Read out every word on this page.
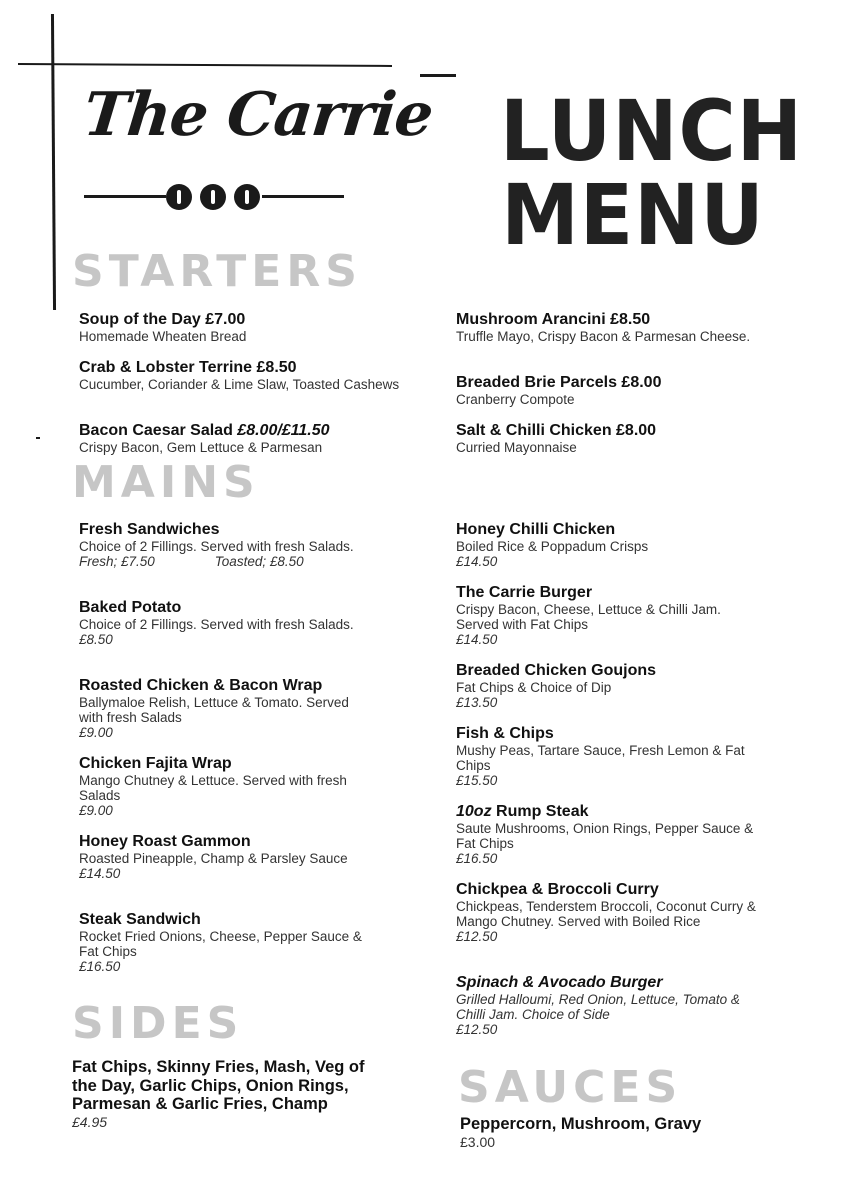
The Carrie LUNCH
MENU
STARTERS
Soup of the Day £7.00
Homemade Wheaten Bread
Crab & Lobster Terrine £8.50
Cucumber, Coriander & Lime Slaw, Toasted Cashews
Bacon Caesar Salad £8.00/£11.50
Crispy Bacon, Gem Lettuce & Parmesan
Mushroom Arancini £8.50
Truffle Mayo, Crispy Bacon & Parmesan Cheese.
Breaded Brie Parcels £8.00
Cranberry Compote
Salt & Chilli Chicken £8.00
Curried Mayonnaise
MAINS
Fresh Sandwiches
Choice of 2 Fillings. Served with fresh Salads.
Fresh; £7.50	Toasted; £8.50
Baked Potato
Choice of 2 Fillings. Served with fresh Salads.
£8.50
Roasted Chicken & Bacon Wrap
Ballymaloe Relish, Lettuce & Tomato. Served with fresh Salads
£9.00
Chicken Fajita Wrap
Mango Chutney & Lettuce. Served with fresh Salads
£9.00
Honey Roast Gammon
Roasted Pineapple, Champ & Parsley Sauce
£14.50
Steak Sandwich
Rocket Fried Onions, Cheese, Pepper Sauce & Fat Chips
£16.50
Honey Chilli Chicken
Boiled Rice & Poppadum Crisps
£14.50
The Carrie Burger
Crispy Bacon, Cheese, Lettuce & Chilli Jam. Served with Fat Chips
£14.50
Breaded Chicken Goujons
Fat Chips & Choice of Dip
£13.50
Fish & Chips
Mushy Peas, Tartare Sauce, Fresh Lemon & Fat Chips
£15.50
10oz Rump Steak
Saute Mushrooms, Onion Rings, Pepper Sauce & Fat Chips
£16.50
Chickpea & Broccoli Curry
Chickpeas, Tenderstem Broccoli, Coconut Curry & Mango Chutney. Served with Boiled Rice
£12.50
Spinach & Avocado Burger
Grilled Halloumi, Red Onion, Lettuce, Tomato & Chilli Jam. Choice of Side
£12.50
SIDES
Fat Chips, Skinny Fries, Mash, Veg of the Day, Garlic Chips, Onion Rings, Parmesan & Garlic Fries, Champ
£4.95
SAUCES
Peppercorn, Mushroom, Gravy
£3.00
